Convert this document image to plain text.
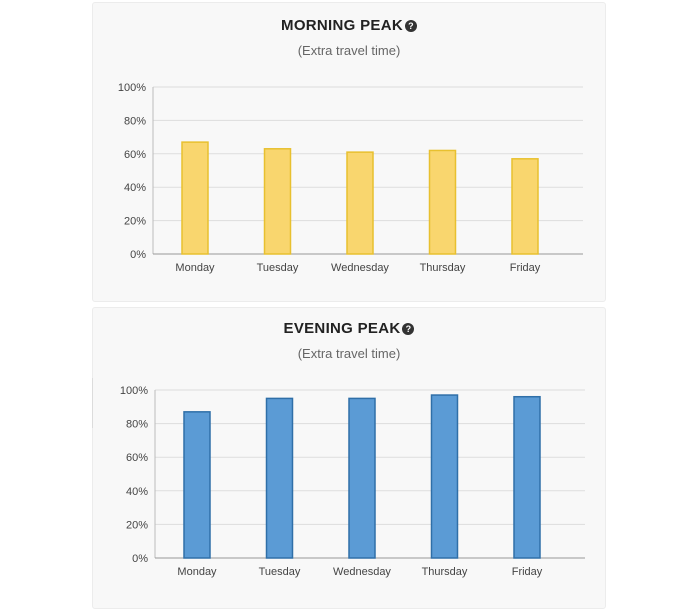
MORNING PEAK ?
(Extra travel time)
EVENING PEAK ?
(Extra travel time)
0%
20%
40%
60%
80%
100%
Monday	Tuesday	Wednesday	Thursday	Friday
0%
20%
40%
60%
80%
100%
Monday	Tuesday	Wednesday	Thursday	Friday
